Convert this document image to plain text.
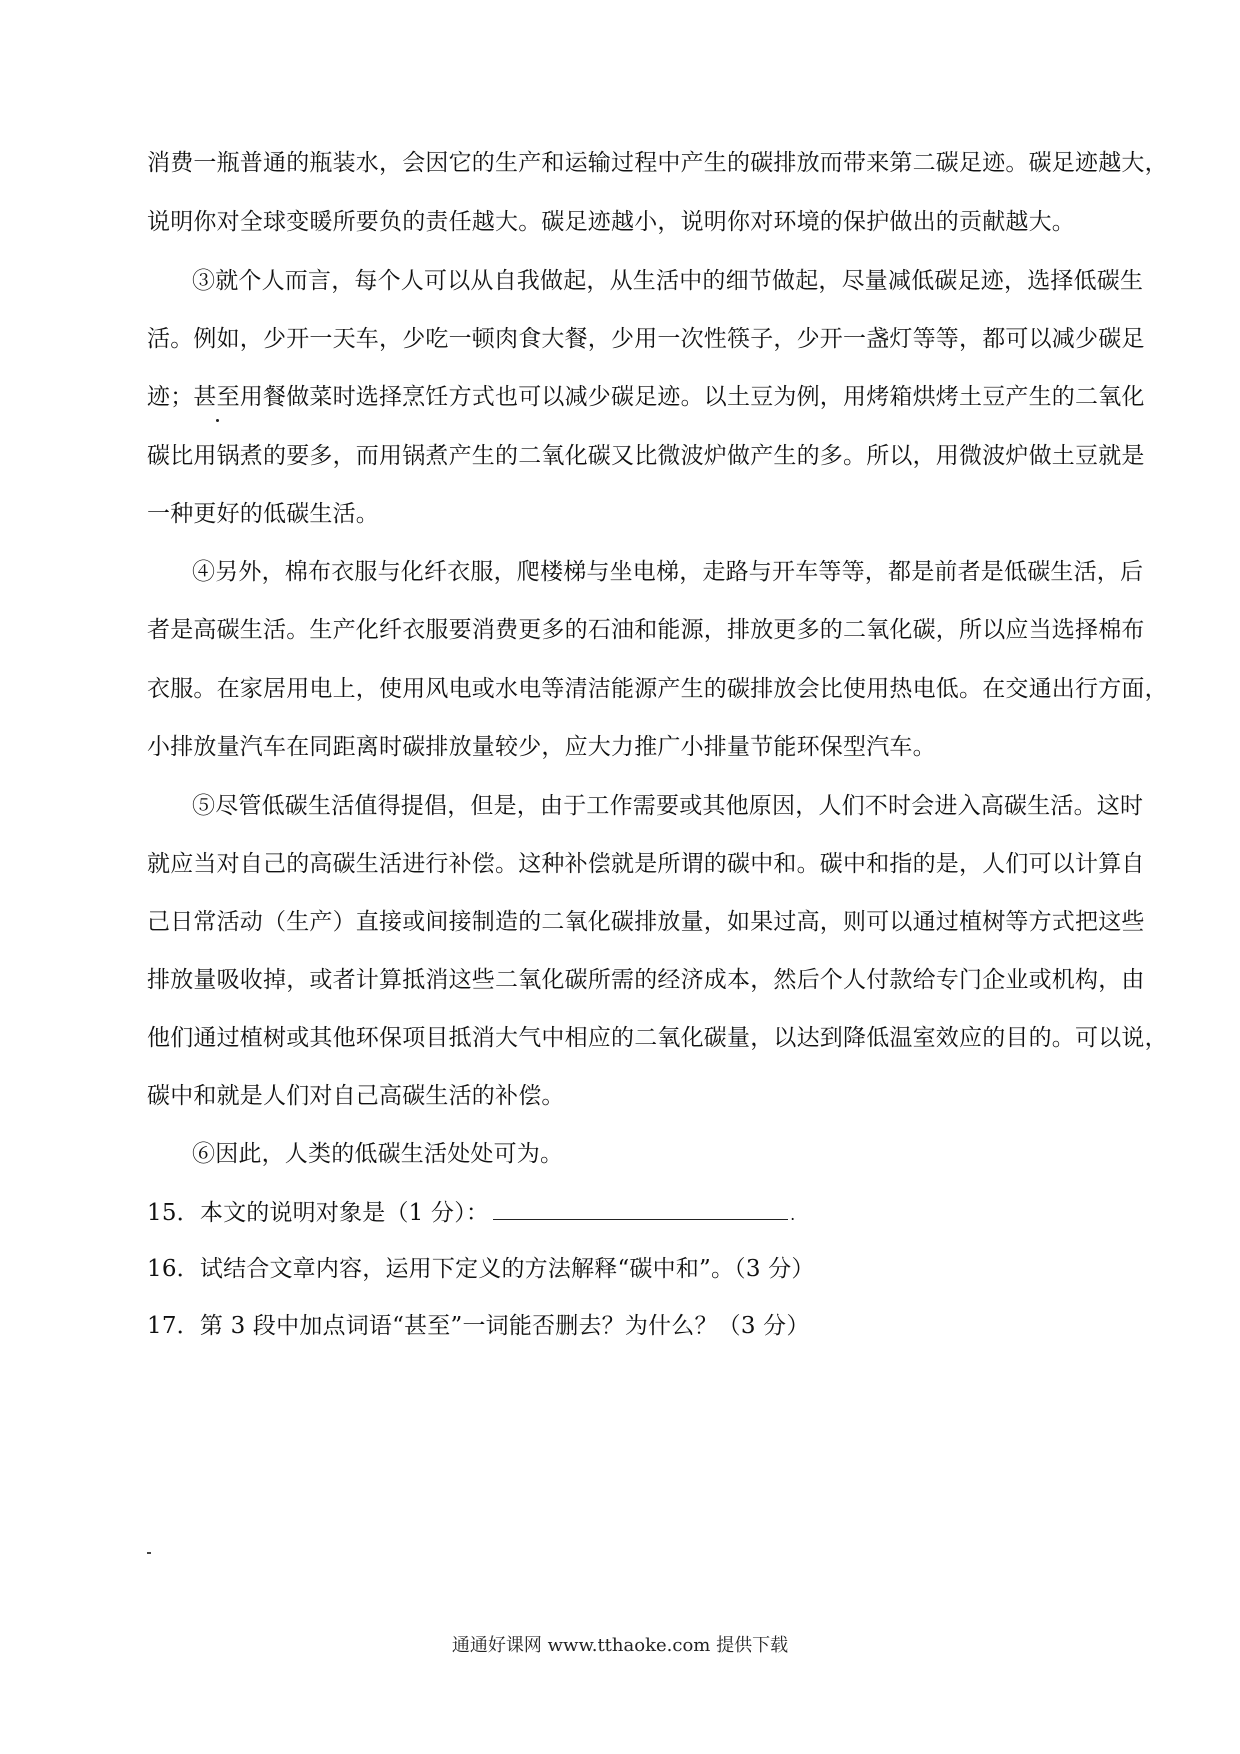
消费一瓶普通的瓶装水，会因它的生产和运输过程中产生的碳排放而带来第二碳足迹。碳足迹越大，
说明你对全球变暖所要负的责任越大。碳足迹越小，说明你对环境的保护做出的贡献越大。
③就个人而言，每个人可以从自我做起，从生活中的细节做起，尽量减低碳足迹，选择低碳生
活。例如，少开一天车，少吃一顿肉食大餐，少用一次性筷子，少开一盏灯等等，都可以减少碳足
迹；甚至用餐做菜时选择烹饪方式也可以减少碳足迹。以土豆为例，用烤箱烘烤土豆产生的二氧化
碳比用锅煮的要多，而用锅煮产生的二氧化碳又比微波炉做产生的多。所以，用微波炉做土豆就是
一种更好的低碳生活。
④另外，棉布衣服与化纤衣服，爬楼梯与坐电梯，走路与开车等等，都是前者是低碳生活，后
者是高碳生活。生产化纤衣服要消费更多的石油和能源，排放更多的二氧化碳，所以应当选择棉布
衣服。在家居用电上，使用风电或水电等清洁能源产生的碳排放会比使用热电低。在交通出行方面，
小排放量汽车在同距离时碳排放量较少，应大力推广小排量节能环保型汽车。
⑤尽管低碳生活值得提倡，但是，由于工作需要或其他原因，人们不时会进入高碳生活。这时
就应当对自己的高碳生活进行补偿。这种补偿就是所谓的碳中和。碳中和指的是，人们可以计算自
己日常活动（生产）直接或间接制造的二氧化碳排放量，如果过高，则可以通过植树等方式把这些
排放量吸收掉，或者计算抵消这些二氧化碳所需的经济成本，然后个人付款给专门企业或机构，由
他们通过植树或其他环保项目抵消大气中相应的二氧化碳量，以达到降低温室效应的目的。可以说，
碳中和就是人们对自己高碳生活的补偿。
⑥因此，人类的低碳生活处处可为。
15．本文的说明对象是（1 分）：	.
16．试结合文章内容，运用下定义的方法解释“碳中和”。（3 分）
17．第 3 段中加点词语“甚至”一词能否删去？为什么？（3 分）
通通好课网 www.tthaoke.com 提供下载
